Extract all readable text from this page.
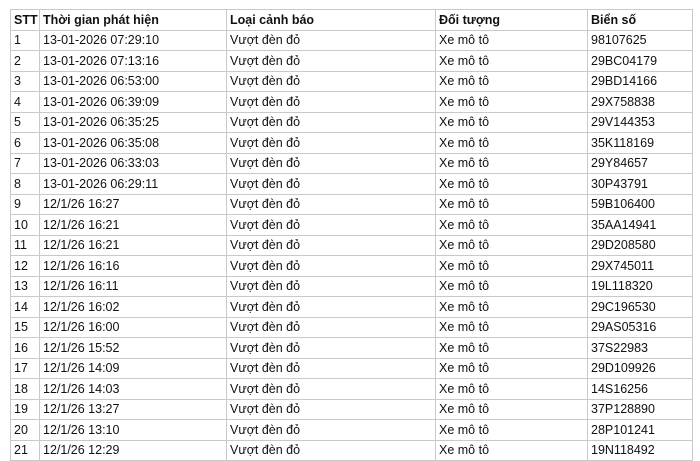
STT	Thời gian phát hiện	Loại cảnh báo	Đối tượng	Biển số
1	13-01-2026 07:29:10	Vượt đèn đỏ	Xe mô tô	98107625
2	13-01-2026 07:13:16	Vượt đèn đỏ	Xe mô tô	29BC04179
3	13-01-2026 06:53:00	Vượt đèn đỏ	Xe mô tô	29BD14166
4	13-01-2026 06:39:09	Vượt đèn đỏ	Xe mô tô	29X758838
5	13-01-2026 06:35:25	Vượt đèn đỏ	Xe mô tô	29V144353
6	13-01-2026 06:35:08	Vượt đèn đỏ	Xe mô tô	35K118169
7	13-01-2026 06:33:03	Vượt đèn đỏ	Xe mô tô	29Y84657
8	13-01-2026 06:29:11	Vượt đèn đỏ	Xe mô tô	30P43791
9	12/1/26 16:27	Vượt đèn đỏ	Xe mô tô	59B106400
10	12/1/26 16:21	Vượt đèn đỏ	Xe mô tô	35AA14941
11	12/1/26 16:21	Vượt đèn đỏ	Xe mô tô	29D208580
12	12/1/26 16:16	Vượt đèn đỏ	Xe mô tô	29X745011
13	12/1/26 16:11	Vượt đèn đỏ	Xe mô tô	19L118320
14	12/1/26 16:02	Vượt đèn đỏ	Xe mô tô	29C196530
15	12/1/26 16:00	Vượt đèn đỏ	Xe mô tô	29AS05316
16	12/1/26 15:52	Vượt đèn đỏ	Xe mô tô	37S22983
17	12/1/26 14:09	Vượt đèn đỏ	Xe mô tô	29D109926
18	12/1/26 14:03	Vượt đèn đỏ	Xe mô tô	14S16256
19	12/1/26 13:27	Vượt đèn đỏ	Xe mô tô	37P128890
20	12/1/26 13:10	Vượt đèn đỏ	Xe mô tô	28P101241
21	12/1/26 12:29	Vượt đèn đỏ	Xe mô tô	19N118492
